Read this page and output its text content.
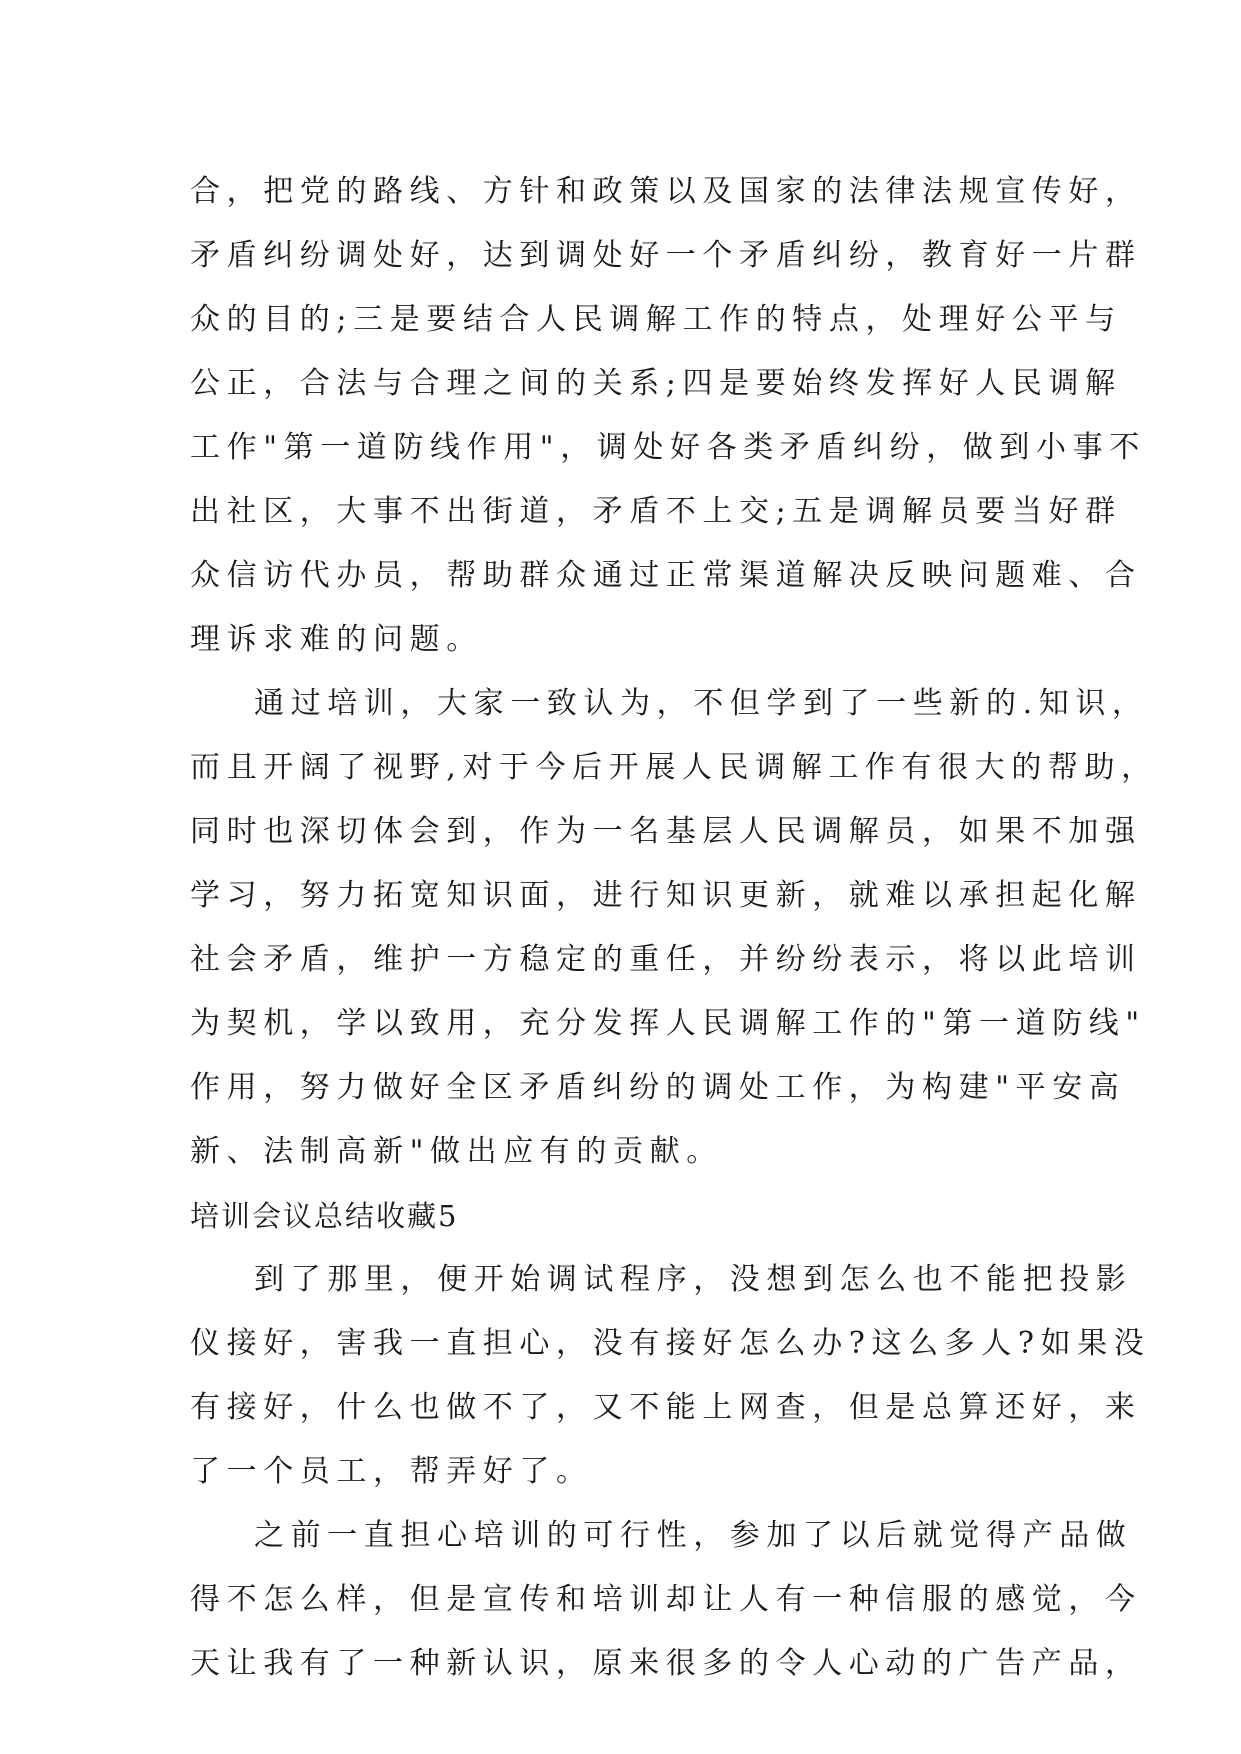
合，把党的路线、方针和政策以及国家的法律法规宣传好，
矛盾纠纷调处好，达到调处好一个矛盾纠纷，教育好一片群
众的目的;三是要结合人民调解工作的特点，处理好公平与
公正，合法与合理之间的关系;四是要始终发挥好人民调解
工作"第一道防线作用"，调处好各类矛盾纠纷，做到小事不
出社区，大事不出街道，矛盾不上交;五是调解员要当好群
众信访代办员，帮助群众通过正常渠道解决反映问题难、合
理诉求难的问题。
通过培训，大家一致认为，不但学到了一些新的.知识，
而且开阔了视野,对于今后开展人民调解工作有很大的帮助，
同时也深切体会到，作为一名基层人民调解员，如果不加强
学习，努力拓宽知识面，进行知识更新，就难以承担起化解
社会矛盾，维护一方稳定的重任，并纷纷表示，将以此培训
为契机，学以致用，充分发挥人民调解工作的"第一道防线"
作用，努力做好全区矛盾纠纷的调处工作，为构建"平安高
新、法制高新"做出应有的贡献。
培训会议总结收藏5
到了那里，便开始调试程序，没想到怎么也不能把投影
仪接好，害我一直担心，没有接好怎么办?这么多人?如果没
有接好，什么也做不了，又不能上网查，但是总算还好，来
了一个员工，帮弄好了。
之前一直担心培训的可行性，参加了以后就觉得产品做
得不怎么样，但是宣传和培训却让人有一种信服的感觉，今
天让我有了一种新认识，原来很多的令人心动的广告产品，
